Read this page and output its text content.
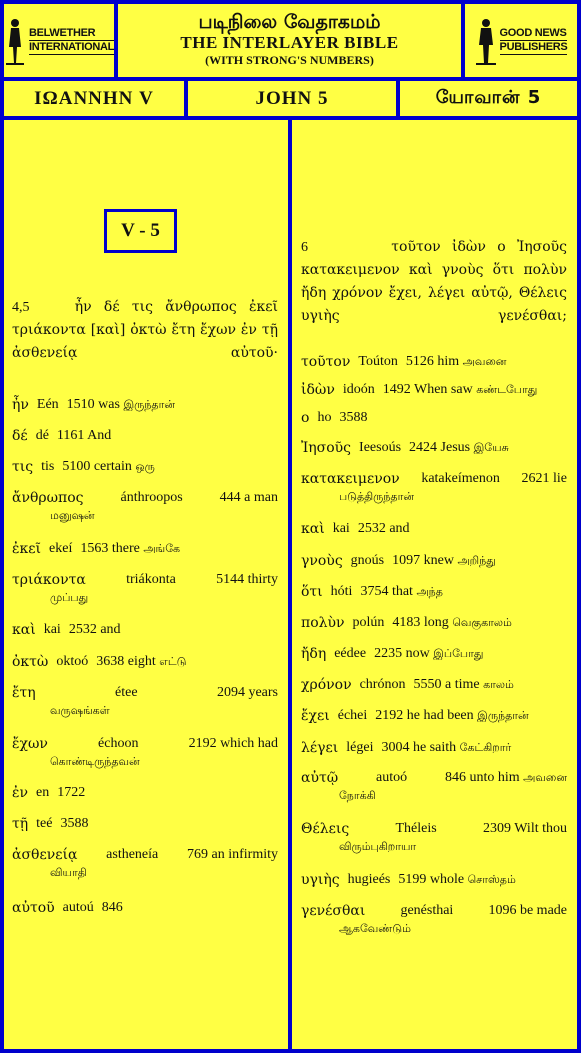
BELWETHER
INTERNATIONAL
படிநிலை வேதாகமம்
THE INTERLAYER BIBLE
(WITH STRONG'S NUMBERS)
GOOD NEWS
PUBLISHERS
ΙΩΑΝΝΗΝ V	JOHN 5	யோவான் 5
V - 5
4,5	ἦν δέ τις ἄνθρωπος ἐκεῖ τριάκοντα [καὶ] ὀκτὼ ἔτη ἔχων ἐν τῇ ἀσθενείᾳ αὐτοῦ·
6	τοῦτον ἰδὼν ο Ἰησοῦς κατακειμενον καὶ γνοὺς ὅτι πολὺν ἤδη χρόνον ἔχει, λέγει αὐτῷ, Θέλεις υγιὴς γενέσθαι;
ἦν Eén 1510 was இருந்தான்
δέ dé 1161 And
τις tis 5100 certain ஒரு
ἄνθρωπος	ánthroopos	444 a man
மனுஷன்
ἐκεῖ ekeí 1563 there அங்கே
τριάκοντα	triákonta	5144 thirty
முப்பது
καὶ kai 2532 and
ὀκτὼ oktoó 3638 eight எட்டு
ἔτη	étee	2094 years
வருஷங்கள்
ἔχων	échoon	2192 which had
கொண்டிருந்தவன்
ἐν en 1722
τῇ teé 3588
ἀσθενείᾳ astheneía 769 an infirmity
வியாதி
αὐτοῦ autoú 846
τοῦτον Toúton 5126 him அவனை
ἰδὼν idoón 1492 When saw கண்டபோது
ο ho 3588
Ἰησοῦς Ieesoús 2424 Jesus இயேசு
κατακειμενον katakeímenon 2621 lie
படுத்திருந்தான்
καὶ kai 2532 and
γνοὺς gnoús 1097 knew அறிந்து
ὅτι hóti 3754 that அந்த
πολὺν polún 4183 long வெகுகாலம்
ἤδη eédee 2235 now இப்போது
χρόνον chrónon 5550 a time காலம்
ἔχει échei 2192 he had been இருந்தான்
λέγει légei 3004 he saith கேட்கிறார்
αὐτῷ	autoó	846 unto him அவனை
நோக்கி
Θέλεις	Théleis	2309 Wilt thou
விரும்புகிறாயா
υγιὴς hugieés 5199 whole சொஸ்தம்
γενέσθαι	genésthai	1096 be made
ஆகவேண்டும்
